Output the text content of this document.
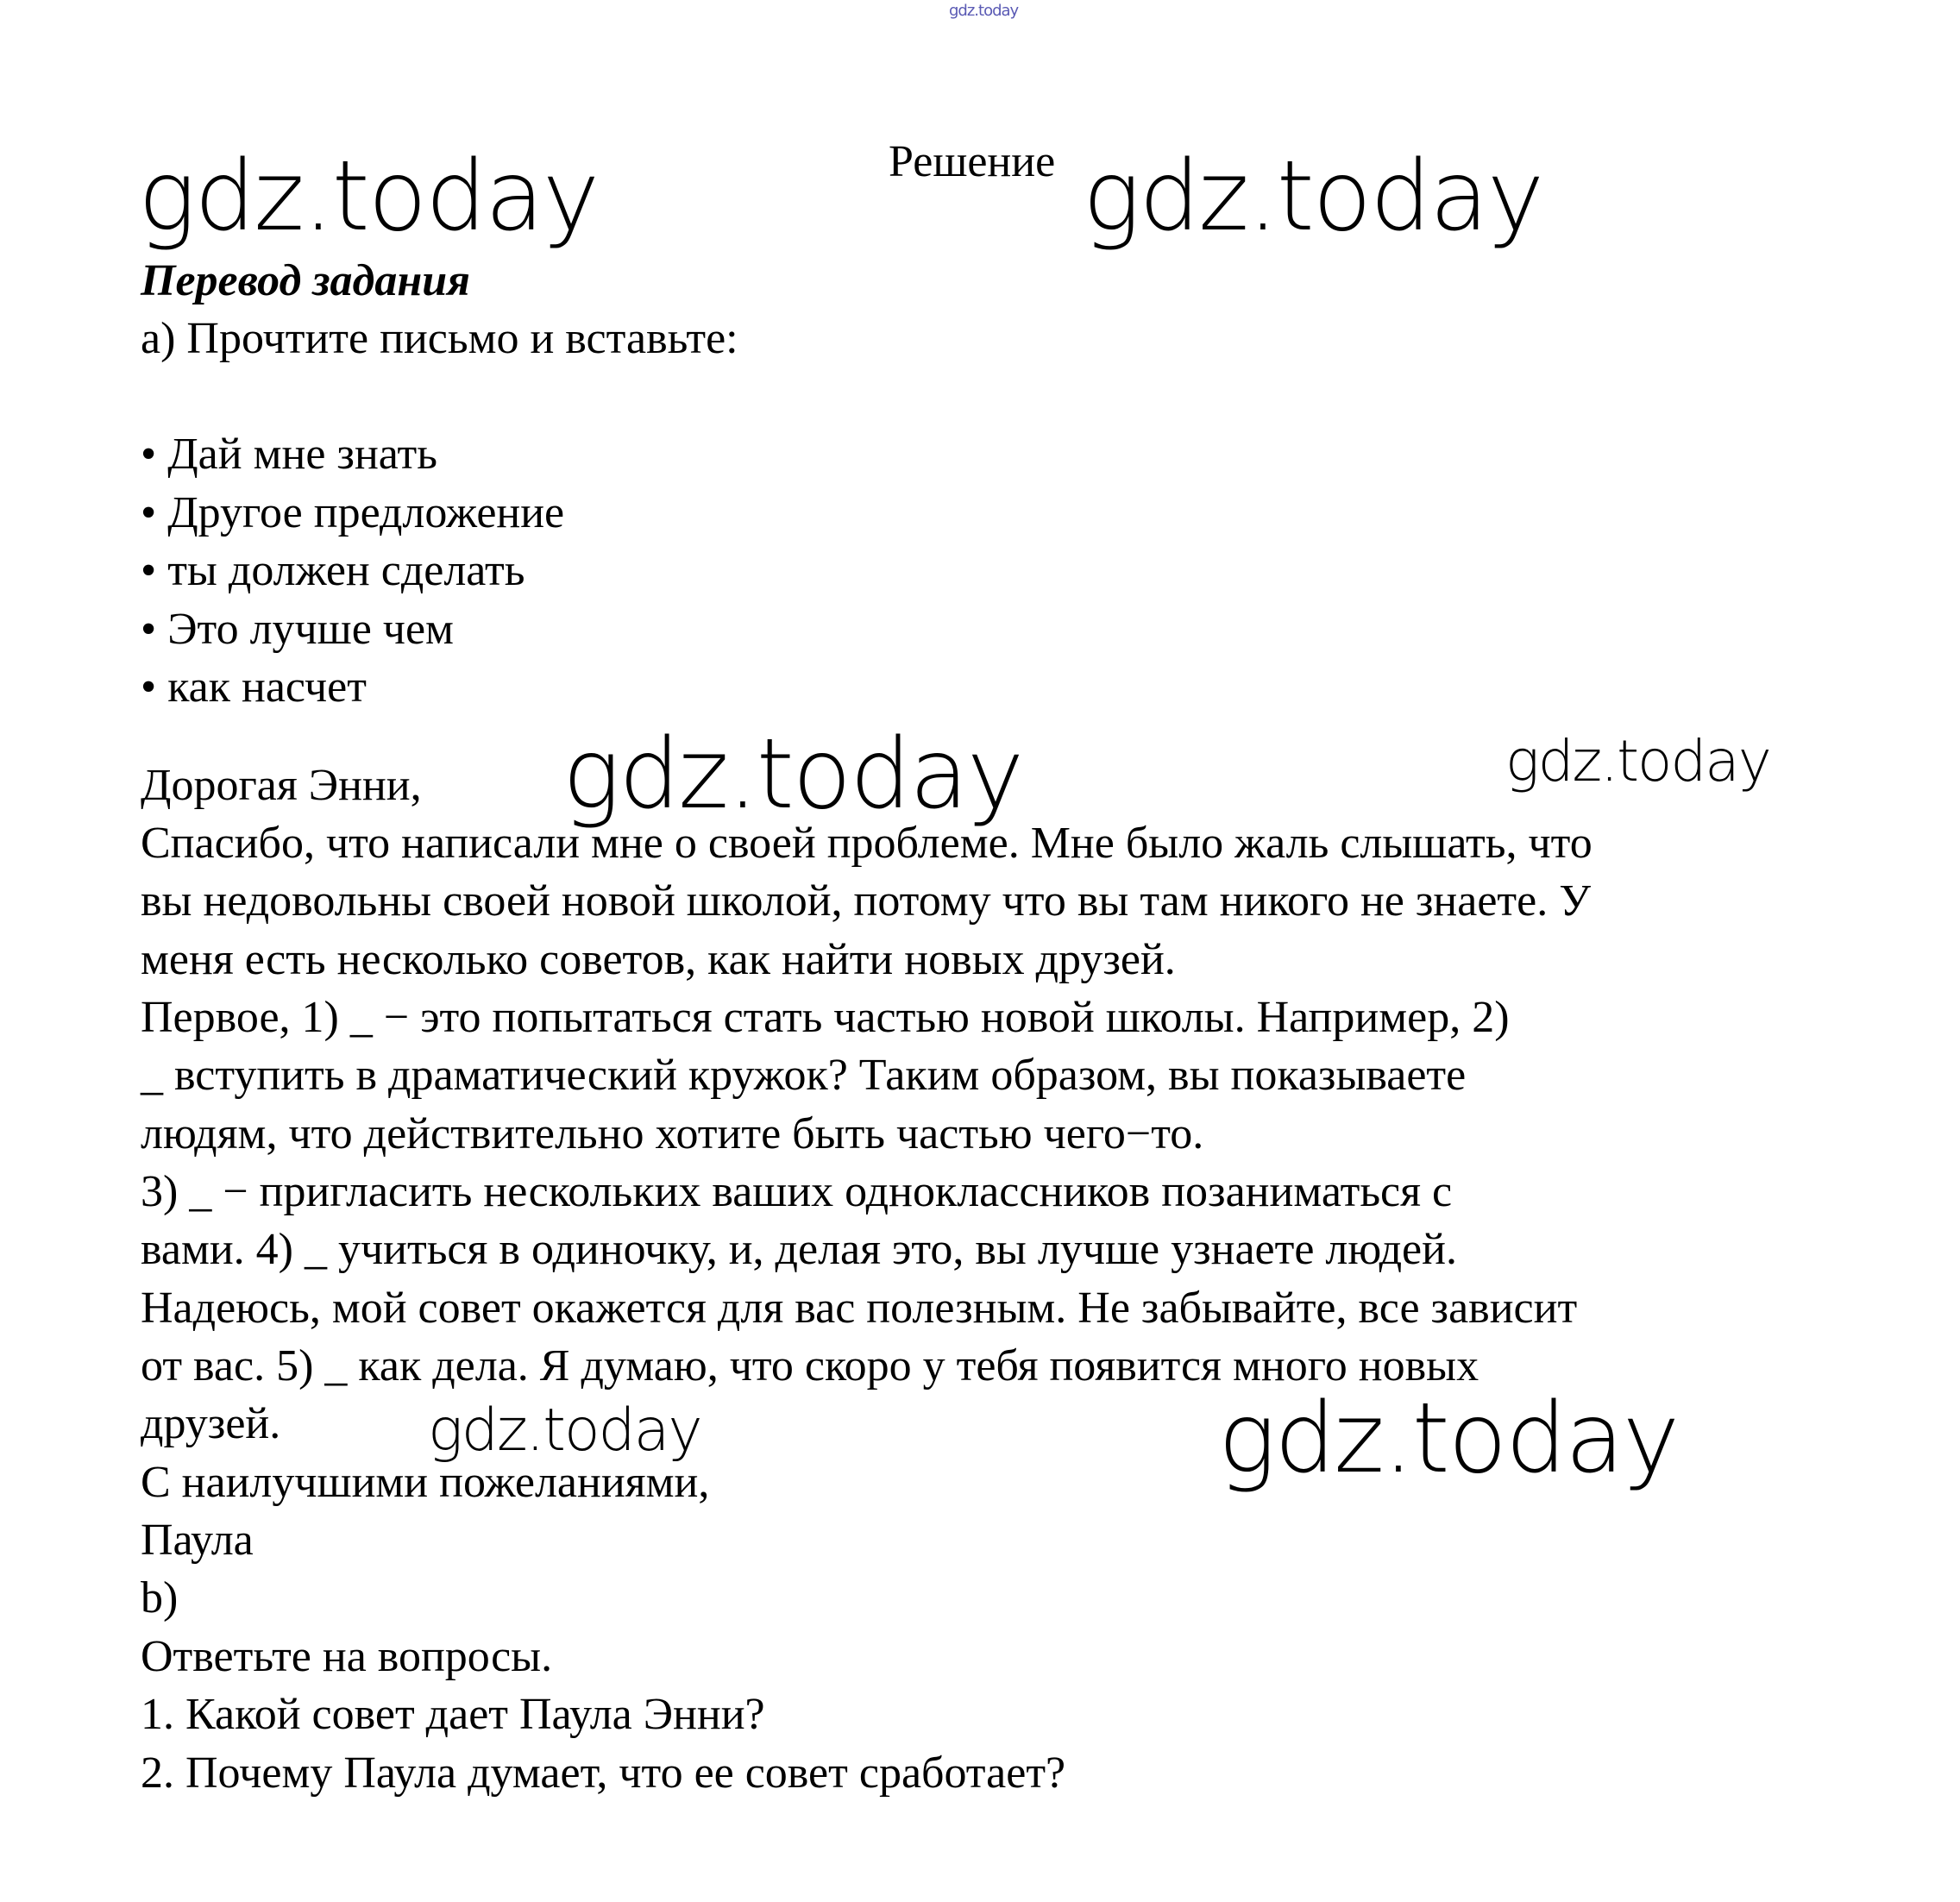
gdz.today
gdz.today	gdz.today
gdz.today	gdz.today
gdz.today	gdz.today
Решение
Перевод задания
а) Прочтите письмо и вставьте:
• Дай мне знать
• Другое предложение
• ты должен сделать
• Это лучше чем
• как насчет
Дорогая Энни,
Спасибо, что написали мне о своей проблеме. Мне было жаль слышать, что
вы недовольны своей новой школой, потому что вы там никого не знаете. У
меня есть несколько советов, как найти новых друзей.
Первое, 1) _ − это попытаться стать частью новой школы. Например, 2)
_ вступить в драматический кружок? Таким образом, вы показываете
людям, что действительно хотите быть частью чего−то.
3) _ − пригласить нескольких ваших одноклассников позаниматься с
вами. 4) _ учиться в одиночку, и, делая это, вы лучше узнаете людей.
Надеюсь, мой совет окажется для вас полезным. Не забывайте, все зависит
от вас. 5) _ как дела. Я думаю, что скоро у тебя появится много новых
друзей.
С наилучшими пожеланиями,
Паула
b)
Ответьте на вопросы.
1. Какой совет дает Паула Энни?
2. Почему Паула думает, что ее совет сработает?
